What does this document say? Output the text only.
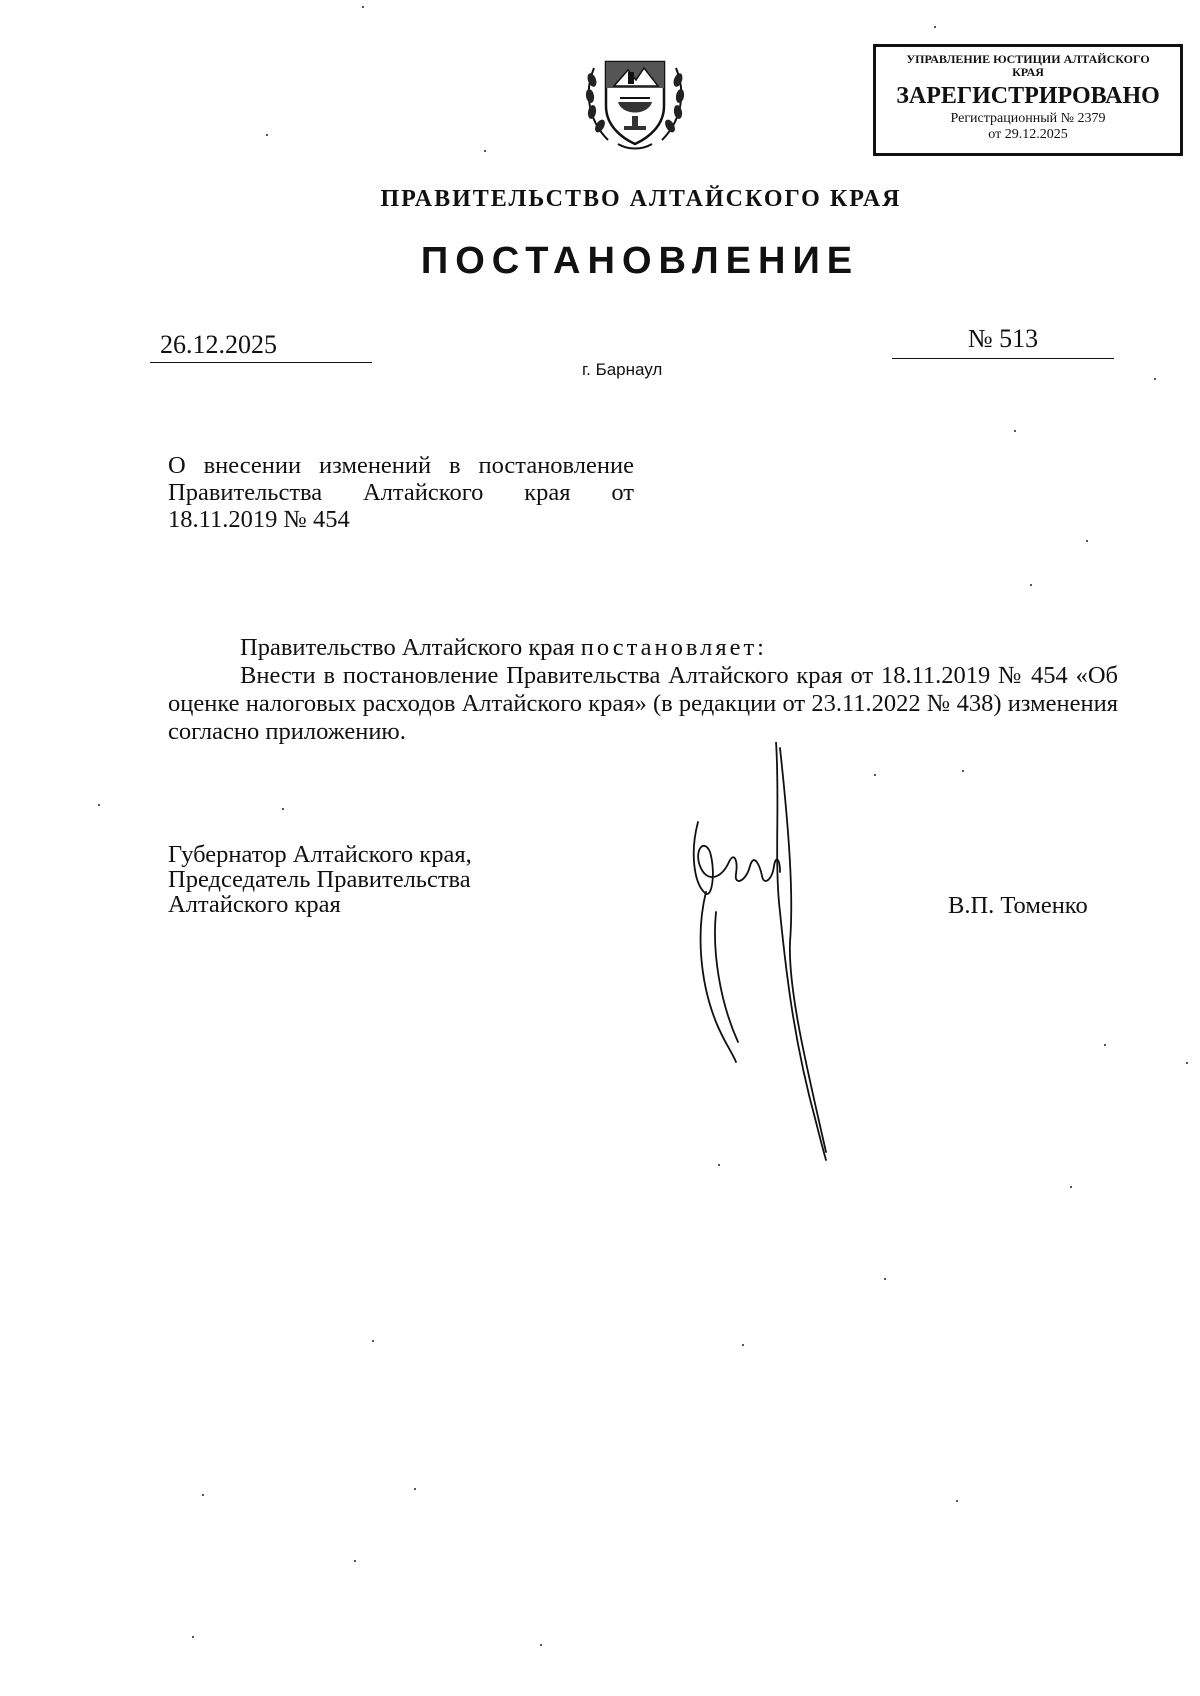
УПРАВЛЕНИЕ ЮСТИЦИИ АЛТАЙСКОГО КРАЯ
ЗАРЕГИСТРИРОВАНО
Регистрационный № 2379
от 29.12.2025
ПРАВИТЕЛЬСТВО АЛТАЙСКОГО КРАЯ
ПОСТАНОВЛЕНИЕ
26.12.2025	№ 513
г. Барнаул
О внесении изменений в постановление Правительства Алтайского края от 18.11.2019 № 454

Правительство Алтайского края постановляет:

Внести в постановление Правительства Алтайского края от 18.11.2019 № 454 «Об оценке налоговых расходов Алтайского края» (в редакции от 23.11.2022 № 438) изменения согласно приложению.

Губернатор Алтайского края,
Председатель Правительства
Алтайского края	В.П. Томенко
